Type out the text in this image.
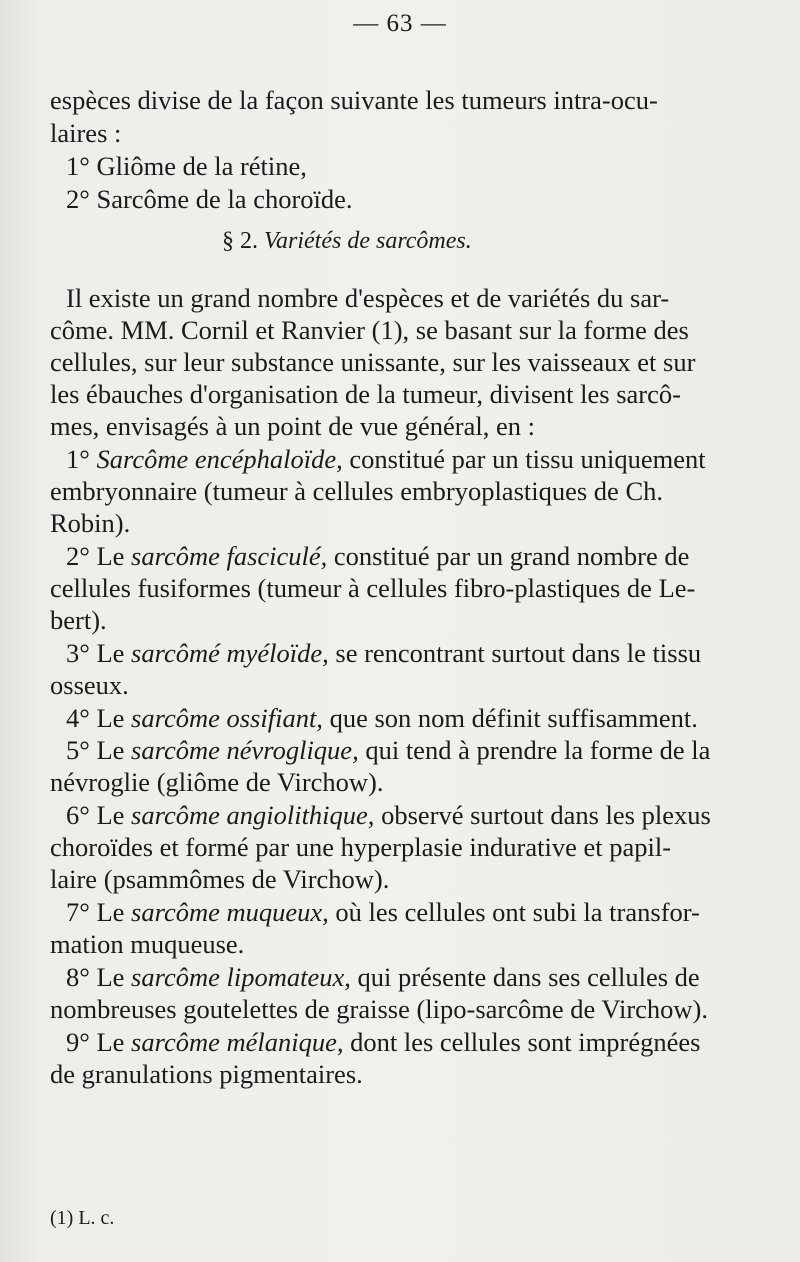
— 63 —
espèces divise de la façon suivante les tumeurs intra-ocu-
laires :
1° Gliôme de la rétine,
2° Sarcôme de la choroïde.
§ 2. Variétés de sarcômes.
Il existe un grand nombre d'espèces et de variétés du sar-
côme. MM. Cornil et Ranvier (1), se basant sur la forme des
cellules, sur leur substance unissante, sur les vaisseaux et sur
les ébauches d'organisation de la tumeur, divisent les sarcô-
mes, envisagés à un point de vue général, en :
1° Sarcôme encéphaloïde, constitué par un tissu uniquement
embryonnaire (tumeur à cellules embryoplastiques de Ch.
Robin).
2° Le sarcôme fasciculé, constitué par un grand nombre de
cellules fusiformes (tumeur à cellules fibro-plastiques de Le-
bert).
3° Le sarcômé myéloïde, se rencontrant surtout dans le tissu
osseux.
4° Le sarcôme ossifiant, que son nom définit suffisamment.
5° Le sarcôme névroglique, qui tend à prendre la forme de la
névroglie (gliôme de Virchow).
6° Le sarcôme angiolithique, observé surtout dans les plexus
choroïdes et formé par une hyperplasie indurative et papil-
laire (psammômes de Virchow).
7° Le sarcôme muqueux, où les cellules ont subi la transfor-
mation muqueuse.
8° Le sarcôme lipomateux, qui présente dans ses cellules de
nombreuses goutelettes de graisse (lipo-sarcôme de Virchow).
9° Le sarcôme mélanique, dont les cellules sont imprégnées
de granulations pigmentaires.
(1) L. c.
